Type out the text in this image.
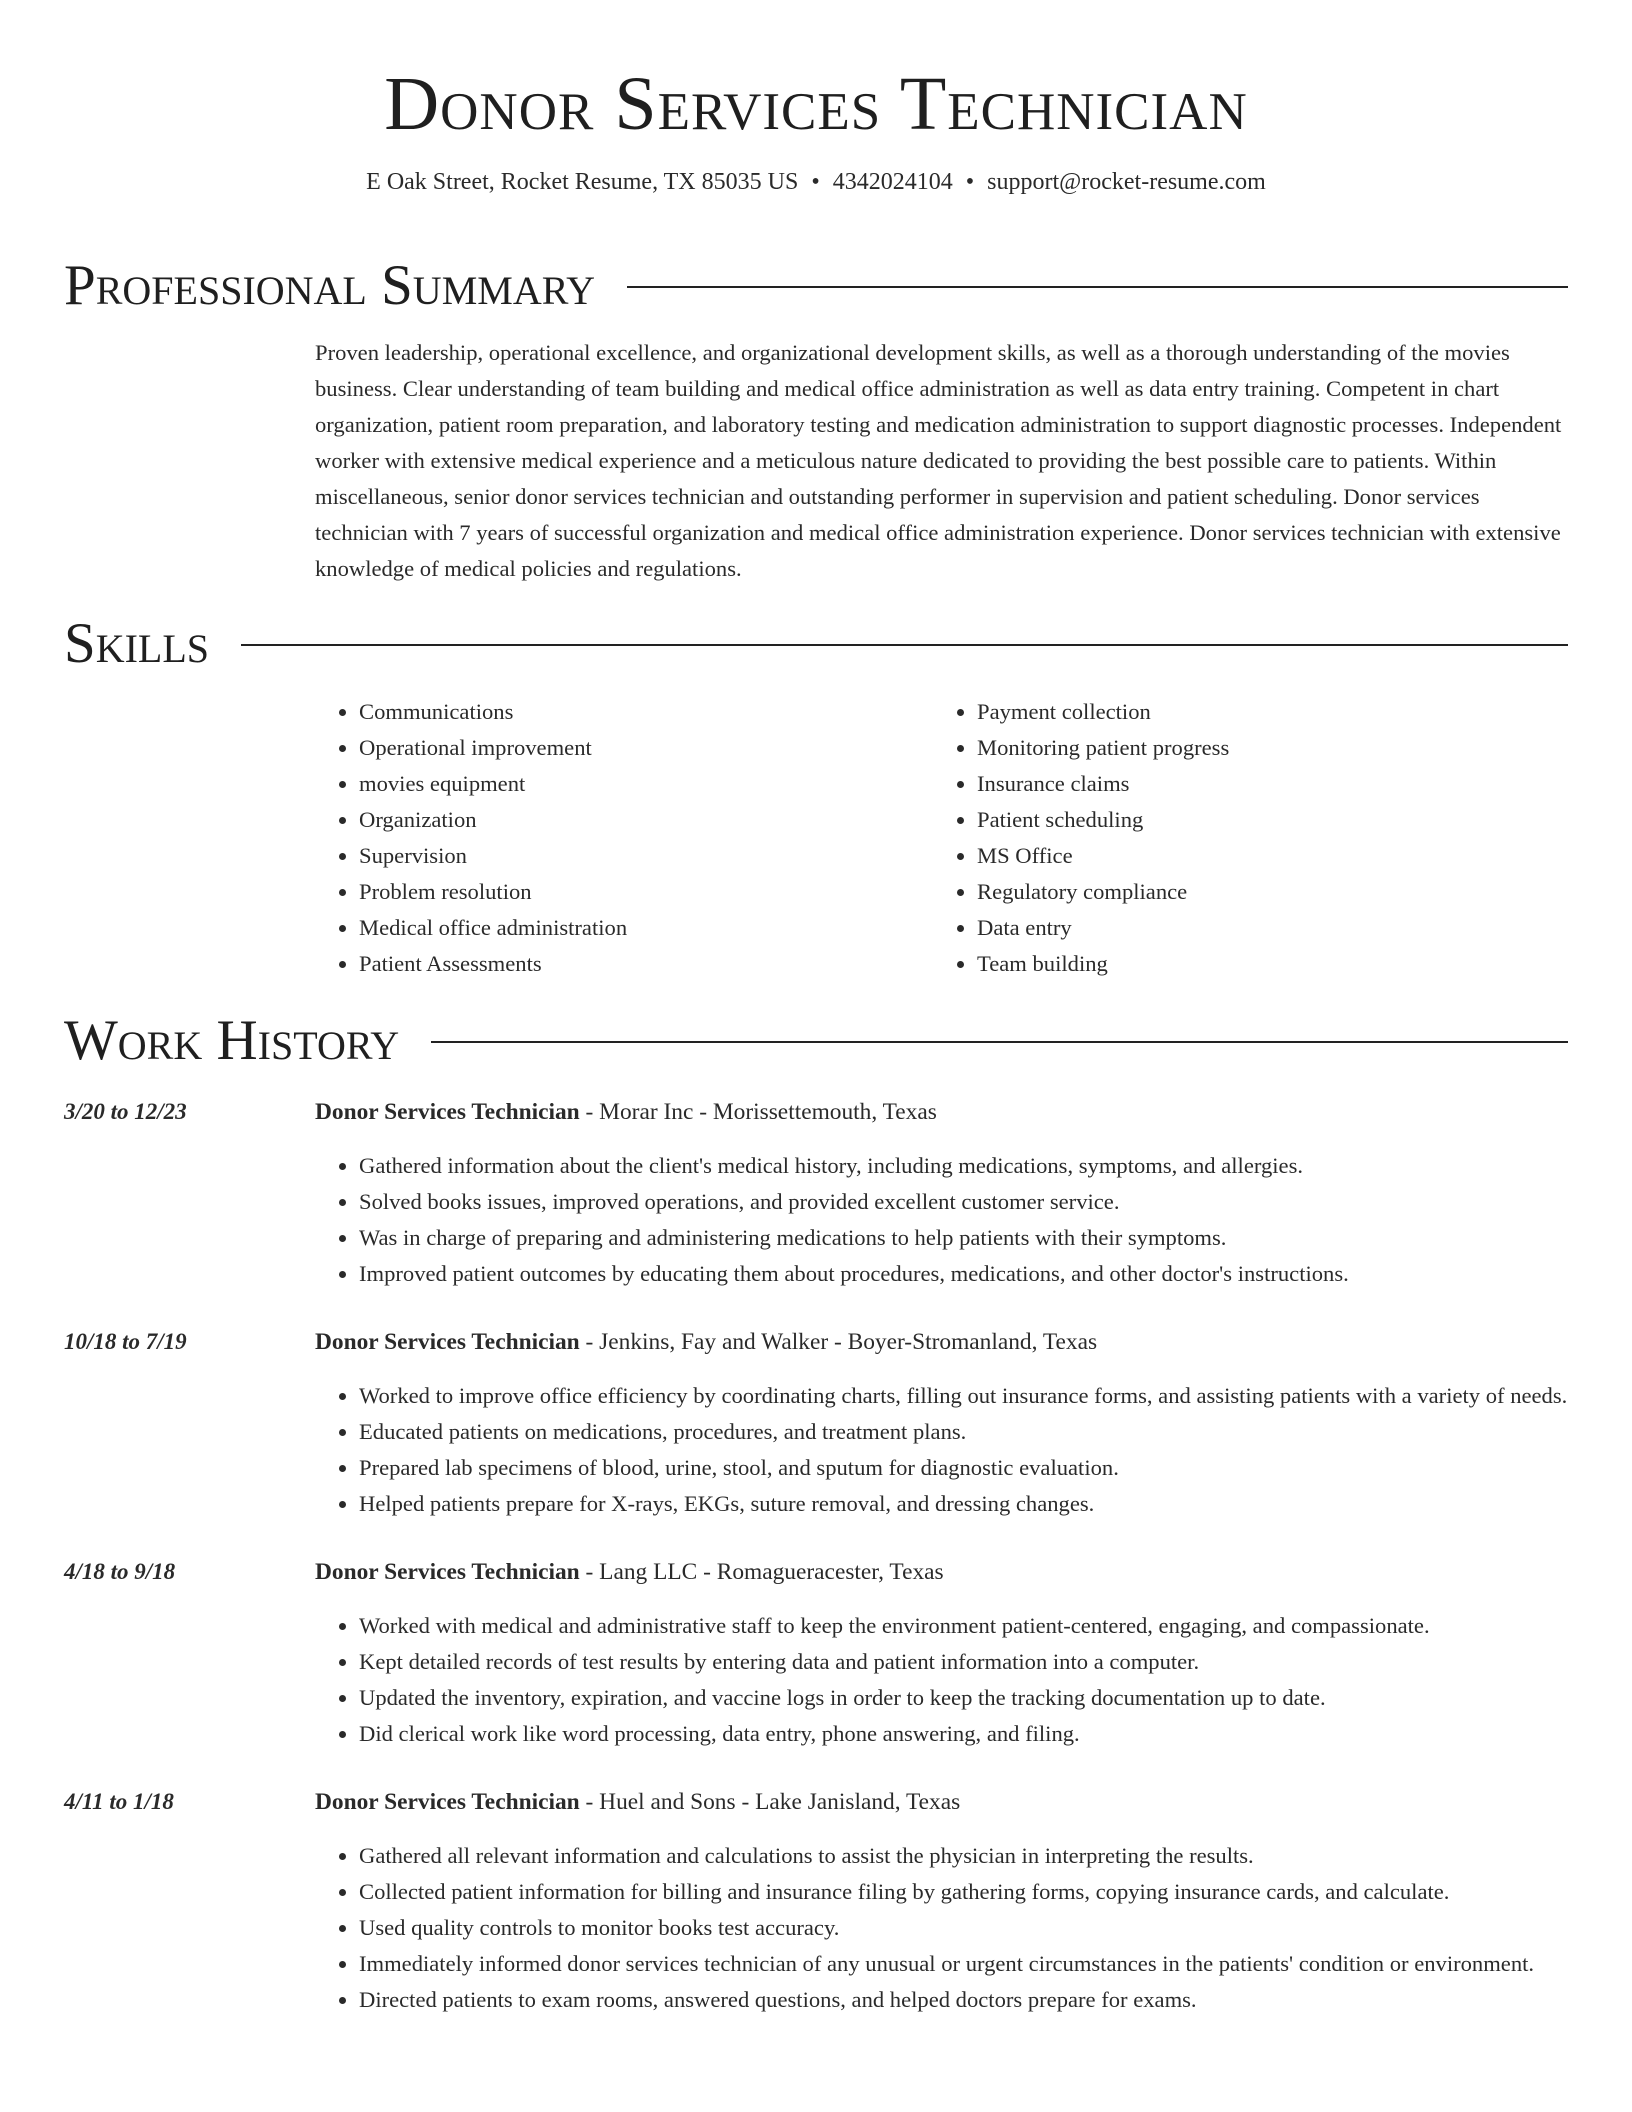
Donor Services Technician
E Oak Street, Rocket Resume, TX 85035 US • 4342024104 • support@rocket-resume.com
Professional Summary
Proven leadership, operational excellence, and organizational development skills, as well as a thorough understanding of the movies business. Clear understanding of team building and medical office administration as well as data entry training. Competent in chart organization, patient room preparation, and laboratory testing and medication administration to support diagnostic processes. Independent worker with extensive medical experience and a meticulous nature dedicated to providing the best possible care to patients. Within miscellaneous, senior donor services technician and outstanding performer in supervision and patient scheduling. Donor services technician with 7 years of successful organization and medical office administration experience. Donor services technician with extensive knowledge of medical policies and regulations.
Skills
• Communications
• Operational improvement
• movies equipment
• Organization
• Supervision
• Problem resolution
• Medical office administration
• Patient Assessments
• Payment collection
• Monitoring patient progress
• Insurance claims
• Patient scheduling
• MS Office
• Regulatory compliance
• Data entry
• Team building
Work History
3/20 to 12/23	Donor Services Technician - Morar Inc - Morissettemouth, Texas
• Gathered information about the client's medical history, including medications, symptoms, and allergies.
• Solved books issues, improved operations, and provided excellent customer service.
• Was in charge of preparing and administering medications to help patients with their symptoms.
• Improved patient outcomes by educating them about procedures, medications, and other doctor's instructions.
10/18 to 7/19	Donor Services Technician - Jenkins, Fay and Walker - Boyer-Stromanland, Texas
• Worked to improve office efficiency by coordinating charts, filling out insurance forms, and assisting patients with a variety of needs.
• Educated patients on medications, procedures, and treatment plans.
• Prepared lab specimens of blood, urine, stool, and sputum for diagnostic evaluation.
• Helped patients prepare for X-rays, EKGs, suture removal, and dressing changes.
4/18 to 9/18	Donor Services Technician - Lang LLC - Romagueracester, Texas
• Worked with medical and administrative staff to keep the environment patient-centered, engaging, and compassionate.
• Kept detailed records of test results by entering data and patient information into a computer.
• Updated the inventory, expiration, and vaccine logs in order to keep the tracking documentation up to date.
• Did clerical work like word processing, data entry, phone answering, and filing.
4/11 to 1/18	Donor Services Technician - Huel and Sons - Lake Janisland, Texas
• Gathered all relevant information and calculations to assist the physician in interpreting the results.
• Collected patient information for billing and insurance filing by gathering forms, copying insurance cards, and calculate.
• Used quality controls to monitor books test accuracy.
• Immediately informed donor services technician of any unusual or urgent circumstances in the patients' condition or environment.
• Directed patients to exam rooms, answered questions, and helped doctors prepare for exams.
